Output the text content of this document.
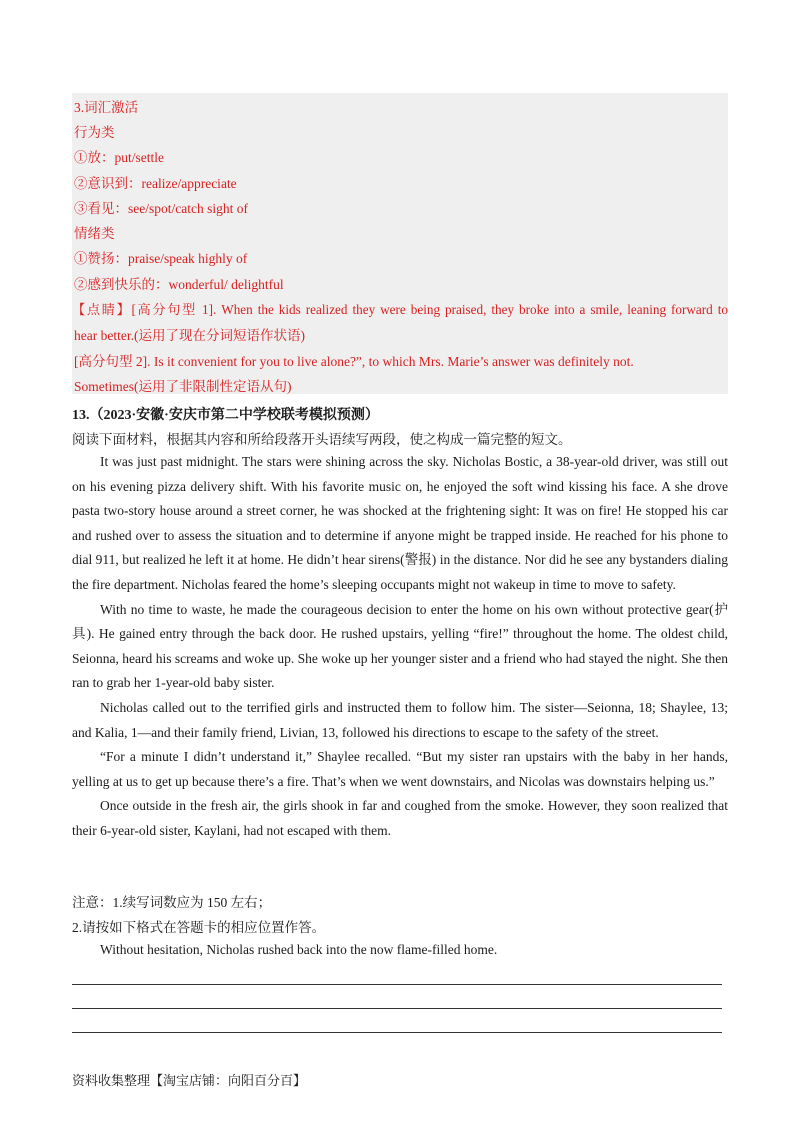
3.词汇激活
行为类
①放：put/settle
②意识到：realize/appreciate
③看见：see/spot/catch sight of
情绪类
①赞扬：praise/speak highly of
②感到快乐的：wonderful/ delightful
【点睛】[高分句型 1]. When the kids realized they were being praised, they broke into a smile, leaning forward to
hear better.(运用了现在分词短语作状语)
[高分句型 2]. Is it convenient for you to live alone?”, to which Mrs. Marie’s answer was definitely not.
Sometimes(运用了非限制性定语从句)
13.（2023·安徽·安庆市第二中学校联考模拟预测）
阅读下面材料，根据其内容和所给段落开头语续写两段，使之构成一篇完整的短文。

It was just past midnight. The stars were shining across the sky. Nicholas Bostic, a 38-year-old driver, was still out on his evening pizza delivery shift. With his favorite music on, he enjoyed the soft wind kissing his face. A she drove pasta two-story house around a street corner, he was shocked at the frightening sight: It was on fire! He stopped his car and rushed over to assess the situation and to determine if anyone might be trapped inside. He reached for his phone to dial 911, but realized he left it at home. He didn’t hear sirens(警报) in the distance. Nor did he see any bystanders dialing the fire department. Nicholas feared the home’s sleeping occupants might not wakeup in time to move to safety.

With no time to waste, he made the courageous decision to enter the home on his own without protective gear(护具). He gained entry through the back door. He rushed upstairs, yelling “fire!” throughout the home. The oldest child, Seionna, heard his screams and woke up. She woke up her younger sister and a friend who had stayed the night. She then ran to grab her 1-year-old baby sister.

Nicholas called out to the terrified girls and instructed them to follow him. The sister—Seionna, 18; Shaylee, 13; and Kalia, 1—and their family friend, Livian, 13, followed his directions to escape to the safety of the street.

“For a minute I didn’t understand it,” Shaylee recalled. “But my sister ran upstairs with the baby in her hands, yelling at us to get up because there’s a fire. That’s when we went downstairs, and Nicolas was downstairs helping us.”

Once outside in the fresh air, the girls shook in far and coughed from the smoke. However, they soon realized that their 6-year-old sister, Kaylani, had not escaped with them.

注意：1.续写词数应为 150 左右；
2.请按如下格式在答题卡的相应位置作答。
Without hesitation, Nicholas rushed back into the now flame-filled home.
资料收集整理【淘宝店铺：向阳百分百】
